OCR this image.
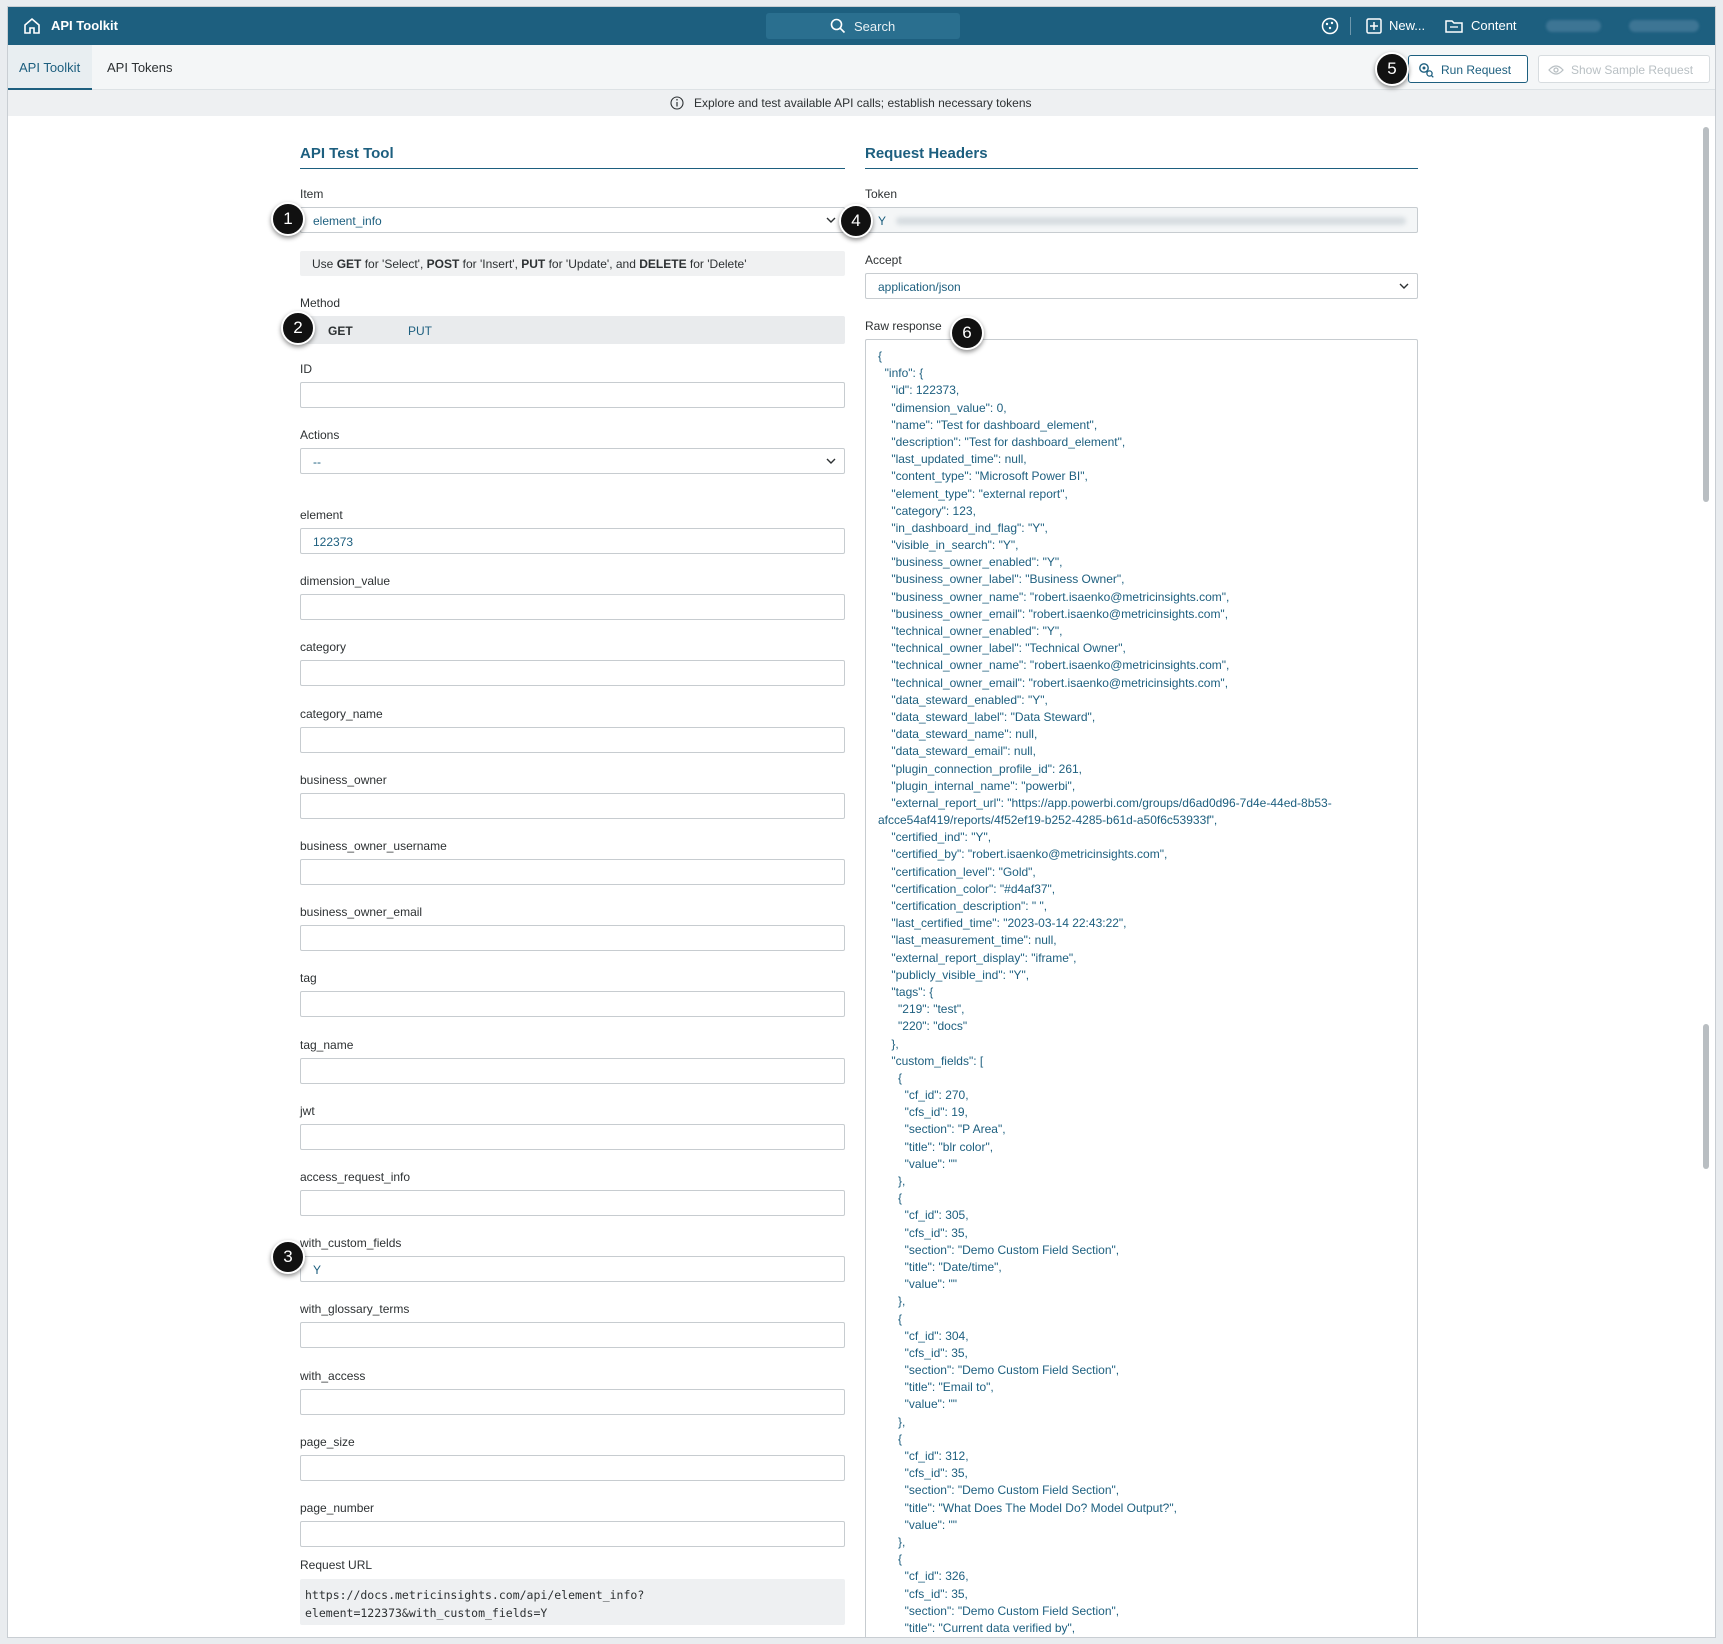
API Toolkit	Search	New...	Content
API Toolkit	API Tokens	Run Request	Show Sample Request
Explore and test available API calls; establish necessary tokens
API Test Tool
Item
element_info
Use GET for 'Select', POST for 'Insert', PUT for 'Update', and DELETE for 'Delete'
Method
GET	PUT
ID
Actions
--
element
122373
dimension_value
category
category_name
business_owner
business_owner_username
business_owner_email
tag
tag_name
jwt
access_request_info
with_custom_fields
Y
with_glossary_terms
with_access
page_size
page_number
Request URL
https://docs.metricinsights.com/api/element_info?
element=122373&with_custom_fields=Y
Request Headers
Token
Y
Accept
application/json
Raw response
{
"info": {
"id": 122373,
"dimension_value": 0,
"name": "Test for dashboard_element",
"description": "Test for dashboard_element",
"last_updated_time": null,
"content_type": "Microsoft Power BI",
"element_type": "external report",
"category": 123,
"in_dashboard_ind_flag": "Y",
"visible_in_search": "Y",
"business_owner_enabled": "Y",
"business_owner_label": "Business Owner",
"business_owner_name": "robert.isaenko@metricinsights.com",
"business_owner_email": "robert.isaenko@metricinsights.com",
"technical_owner_enabled": "Y",
"technical_owner_label": "Technical Owner",
"technical_owner_name": "robert.isaenko@metricinsights.com",
"technical_owner_email": "robert.isaenko@metricinsights.com",
"data_steward_enabled": "Y",
"data_steward_label": "Data Steward",
"data_steward_name": null,
"data_steward_email": null,
"plugin_connection_profile_id": 261,
"plugin_internal_name": "powerbi",
"external_report_url": "https://app.powerbi.com/groups/d6ad0d96-7d4e-44ed-8b53-
afcce54af419/reports/4f52ef19-b252-4285-b61d-a50f6c53933f",
"certified_ind": "Y",
"certified_by": "robert.isaenko@metricinsights.com",
"certification_level": "Gold",
"certification_color": "#d4af37",
"certification_description": " ",
"last_certified_time": "2023-03-14 22:43:22",
"last_measurement_time": null,
"external_report_display": "iframe",
"publicly_visible_ind": "Y",
"tags": {
"219": "test",
"220": "docs"
},
"custom_fields": [
{
"cf_id": 270,
"cfs_id": 19,
"section": "P Area",
"title": "blr color",
"value": ""
},
{
"cf_id": 305,
"cfs_id": 35,
"section": "Demo Custom Field Section",
"title": "Date/time",
"value": ""
},
{
"cf_id": 304,
"cfs_id": 35,
"section": "Demo Custom Field Section",
"title": "Email to",
"value": ""
},
{
"cf_id": 312,
"cfs_id": 35,
"section": "Demo Custom Field Section",
"title": "What Does The Model Do? Model Output?",
"value": ""
},
{
"cf_id": 326,
"cfs_id": 35,
"section": "Demo Custom Field Section",
"title": "Current data verified by",
1
2
3
4
5
6
